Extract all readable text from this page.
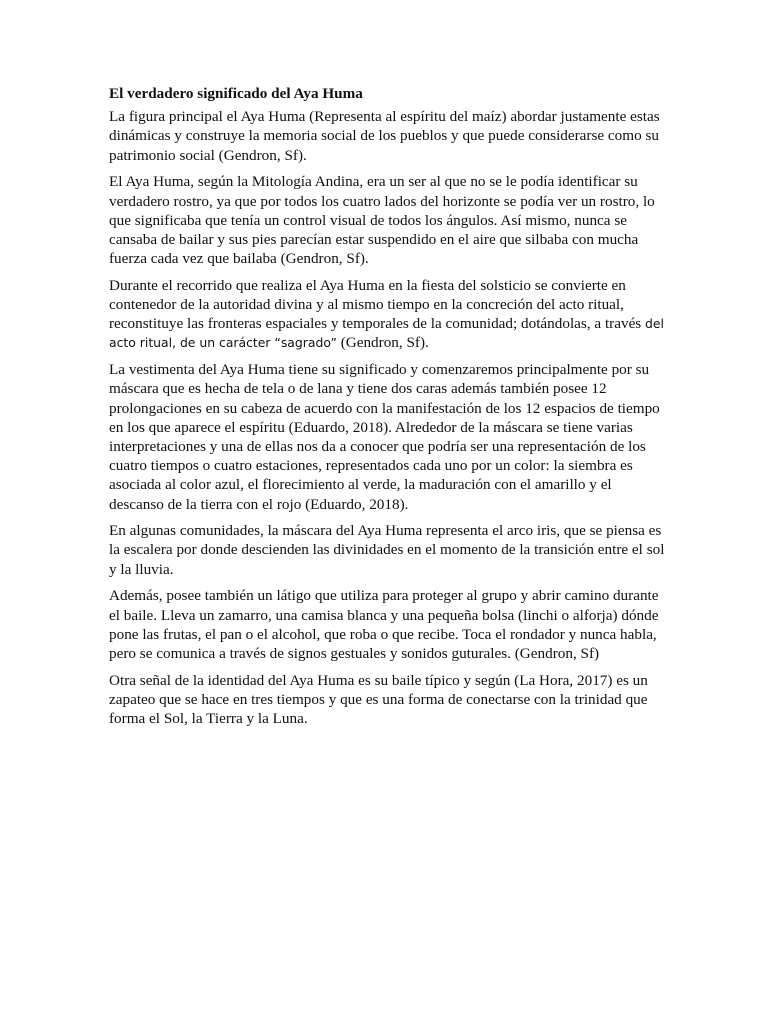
El verdadero significado del Aya Huma

La figura principal el Aya Huma (Representa al espíritu del maíz) abordar justamente estas dinámicas y construye la memoria social de los pueblos y que puede considerarse como su patrimonio social (Gendron, Sf).

El Aya Huma, según la Mitología Andina, era un ser al que no se le podía identificar su verdadero rostro, ya que por todos los cuatro lados del horizonte se podía ver un rostro, lo que significaba que tenía un control visual de todos los ángulos. Así mismo, nunca se cansaba de bailar y sus pies parecían estar suspendido en el aire que silbaba con mucha fuerza cada vez que bailaba (Gendron, Sf).

Durante el recorrido que realiza el Aya Huma en la fiesta del solsticio se convierte en contenedor de la autoridad divina y al mismo tiempo en la concreción del acto ritual, reconstituye las fronteras espaciales y temporales de la comunidad; dotándolas, a través del acto ritual, de un carácter “sagrado” (Gendron, Sf).

La vestimenta del Aya Huma tiene su significado y comenzaremos principalmente por su máscara que es hecha de tela o de lana y tiene dos caras además también posee 12 prolongaciones en su cabeza de acuerdo con la manifestación de los 12 espacios de tiempo en los que aparece el espíritu (Eduardo, 2018). Alrededor de la máscara se tiene varias interpretaciones y una de ellas nos da a conocer que podría ser una representación de los cuatro tiempos o cuatro estaciones, representados cada uno por un color: la siembra es asociada al color azul, el florecimiento al verde, la maduración con el amarillo y el descanso de la tierra con el rojo (Eduardo, 2018).

En algunas comunidades, la máscara del Aya Huma representa el arco iris, que se piensa es la escalera por donde descienden las divinidades en el momento de la transición entre el sol y la lluvia.

Además, posee también un látigo que utiliza para proteger al grupo y abrir camino durante el baile. Lleva un zamarro, una camisa blanca y una pequeña bolsa (linchi o alforja) dónde pone las frutas, el pan o el alcohol, que roba o que recibe. Toca el rondador y nunca habla, pero se comunica a través de signos gestuales y sonidos guturales. (Gendron, Sf)

Otra señal de la identidad del Aya Huma es su baile típico y según (La Hora, 2017) es un zapateo que se hace en tres tiempos y que es una forma de conectarse con la trinidad que forma el Sol, la Tierra y la Luna.
